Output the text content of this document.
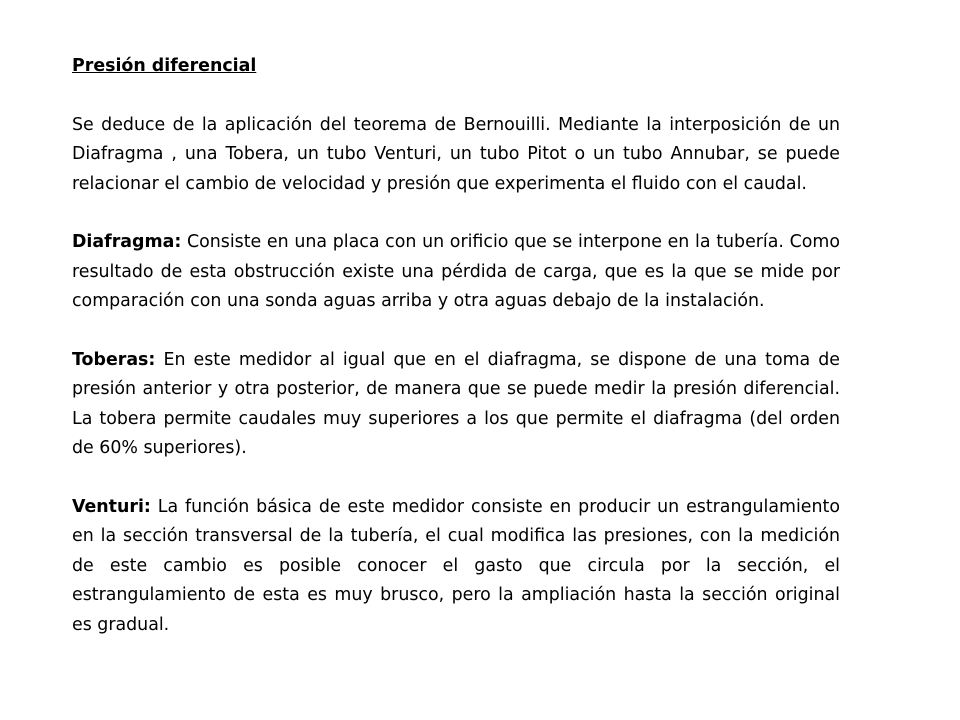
Presión diferencial

Se deduce de la aplicación del teorema de Bernouilli. Mediante la interposición de un Diafragma , una Tobera, un tubo Venturi, un tubo Pitot o un tubo Annubar, se puede relacionar el cambio de velocidad y presión que experimenta el fluido con el caudal.

Diafragma: Consiste en una placa con un orificio que se interpone en la tubería. Como resultado de esta obstrucción existe una pérdida de carga, que es la que se mide por comparación con una sonda aguas arriba y otra aguas debajo de la instalación.

Toberas: En este medidor al igual que en el diafragma, se dispone de una toma de presión anterior y otra posterior, de manera que se puede medir la presión diferencial. La tobera permite caudales muy superiores a los que permite el diafragma (del orden de 60% superiores).

Venturi: La función básica de este medidor consiste en producir un estrangulamiento en la sección transversal de la tubería, el cual modifica las presiones, con la medición de este cambio es posible conocer el gasto que circula por la sección, el estrangulamiento de esta es muy brusco, pero la ampliación hasta la sección original es gradual.
